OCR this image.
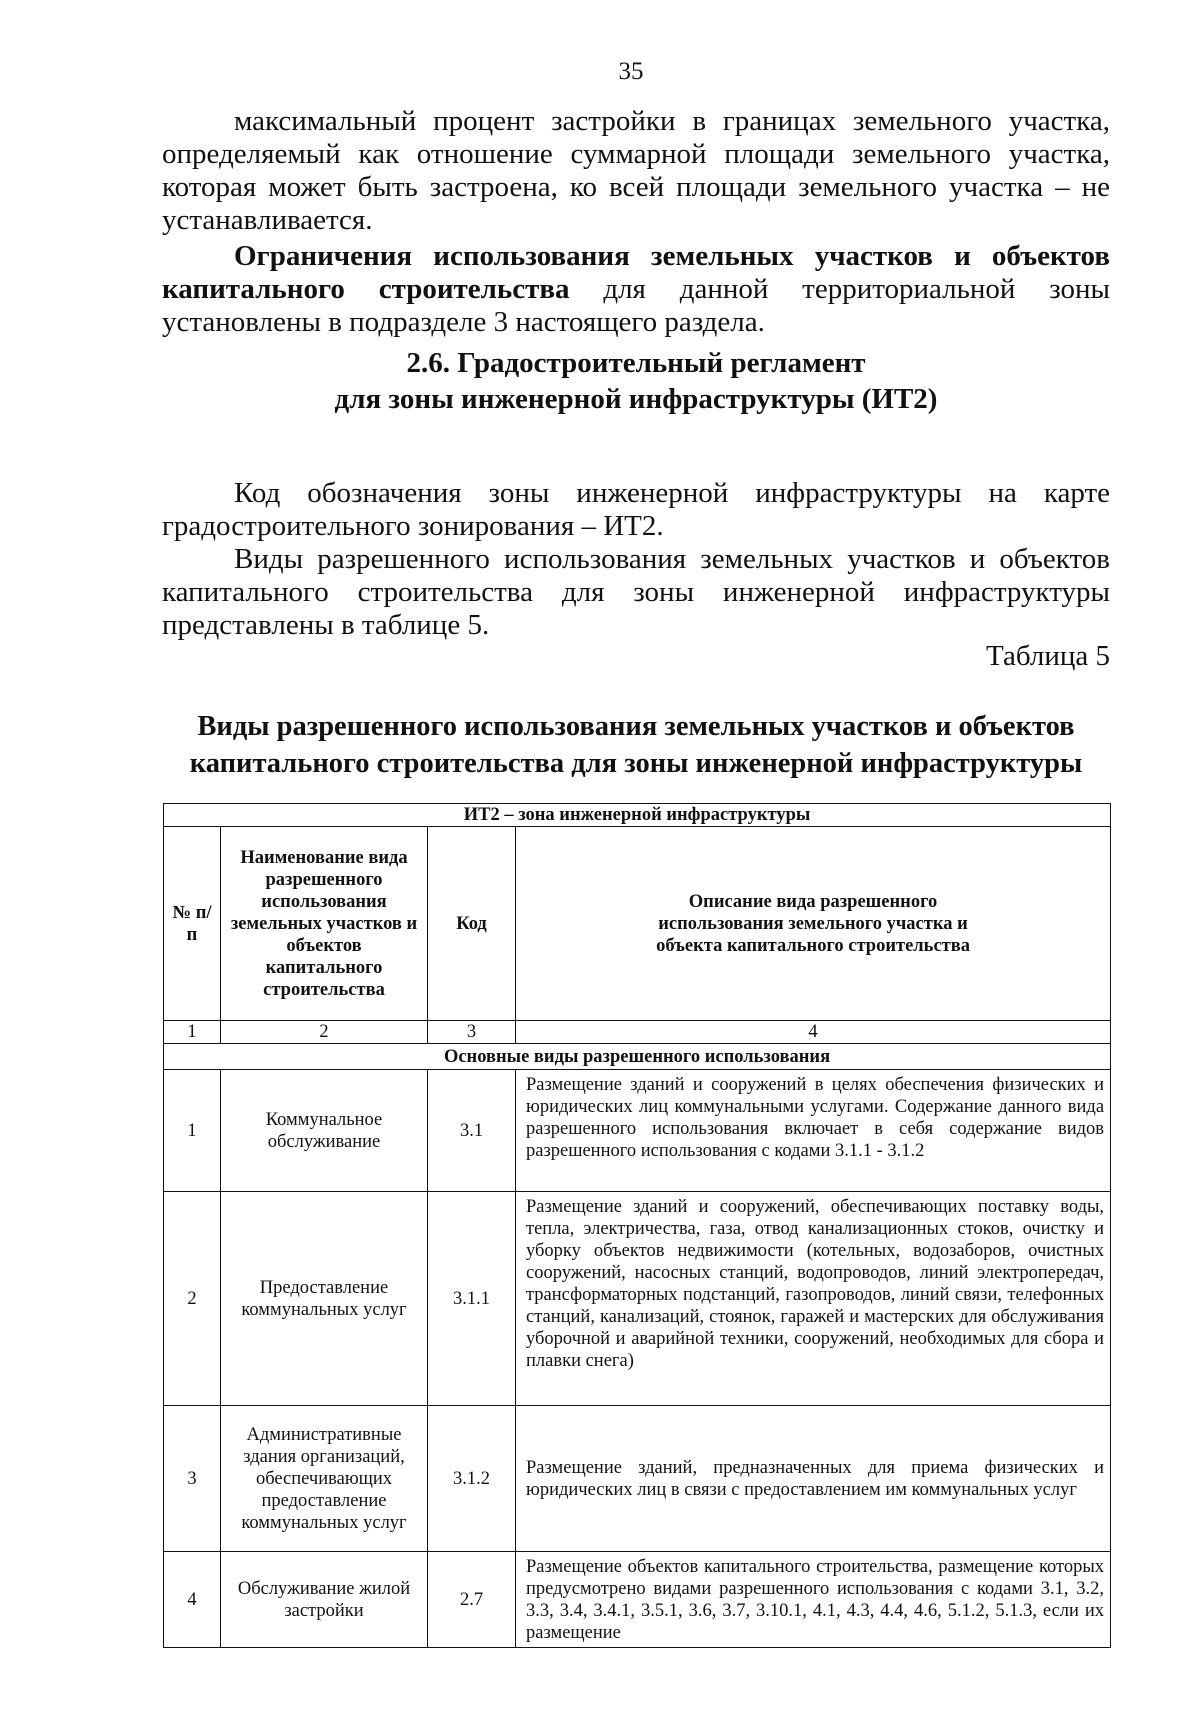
35

максимальный процент застройки в границах земельного участка, определяемый как отношение суммарной площади земельного участка, которая может быть застроена, ко всей площади земельного участка – не устанавливается.

Ограничения использования земельных участков и объектов капитального строительства для данной территориальной зоны установлены в подразделе 3 настоящего раздела.

2.6. Градостроительный регламент
для зоны инженерной инфраструктуры (ИТ2)

Код обозначения зоны инженерной инфраструктуры на карте градостроительного зонирования – ИТ2.

Виды разрешенного использования земельных участков и объектов капитального строительства для зоны инженерной инфраструктуры представлены в таблице 5.

Таблица 5
Виды разрешенного использования земельных участков и объектов
капитального строительства для зоны инженерной инфраструктуры
ИТ2 – зона инженерной инфраструктуры			
№ п/п	Наименование вида разрешенного использования земельных участков и объектов капитального строительства	Код	Описание вида разрешенного использования земельного участка и объекта капитального строительства
1	2	3	4
Основные виды разрешенного использования			
1	Коммунальное обслуживание	3.1	Размещение зданий и сооружений в целях обеспечения физических и юридических лиц коммунальными услугами. Содержание данного вида разрешенного использования включает в себя содержание видов разрешенного использования с кодами 3.1.1 - 3.1.2
2	Предоставление коммунальных услуг	3.1.1	Размещение зданий и сооружений, обеспечивающих поставку воды, тепла, электричества, газа, отвод канализационных стоков, очистку и уборку объектов недвижимости (котельных, водозаборов, очистных сооружений, насосных станций, водопроводов, линий электропередач, трансформаторных подстанций, газопроводов, линий связи, телефонных станций, канализаций, стоянок, гаражей и мастерских для обслуживания уборочной и аварийной техники, сооружений, необходимых для сбора и плавки снега)
3	Административные здания организаций, обеспечивающих предоставление коммунальных услуг	3.1.2	Размещение зданий, предназначенных для приема физических и юридических лиц в связи с предоставлением им коммунальных услуг
4	Обслуживание жилой застройки	2.7	Размещение объектов капитального строительства, размещение которых предусмотрено видами разрешенного использования с кодами 3.1, 3.2, 3.3, 3.4, 3.4.1, 3.5.1, 3.6, 3.7, 3.10.1, 4.1, 4.3, 4.4, 4.6, 5.1.2, 5.1.3, если их размещение
